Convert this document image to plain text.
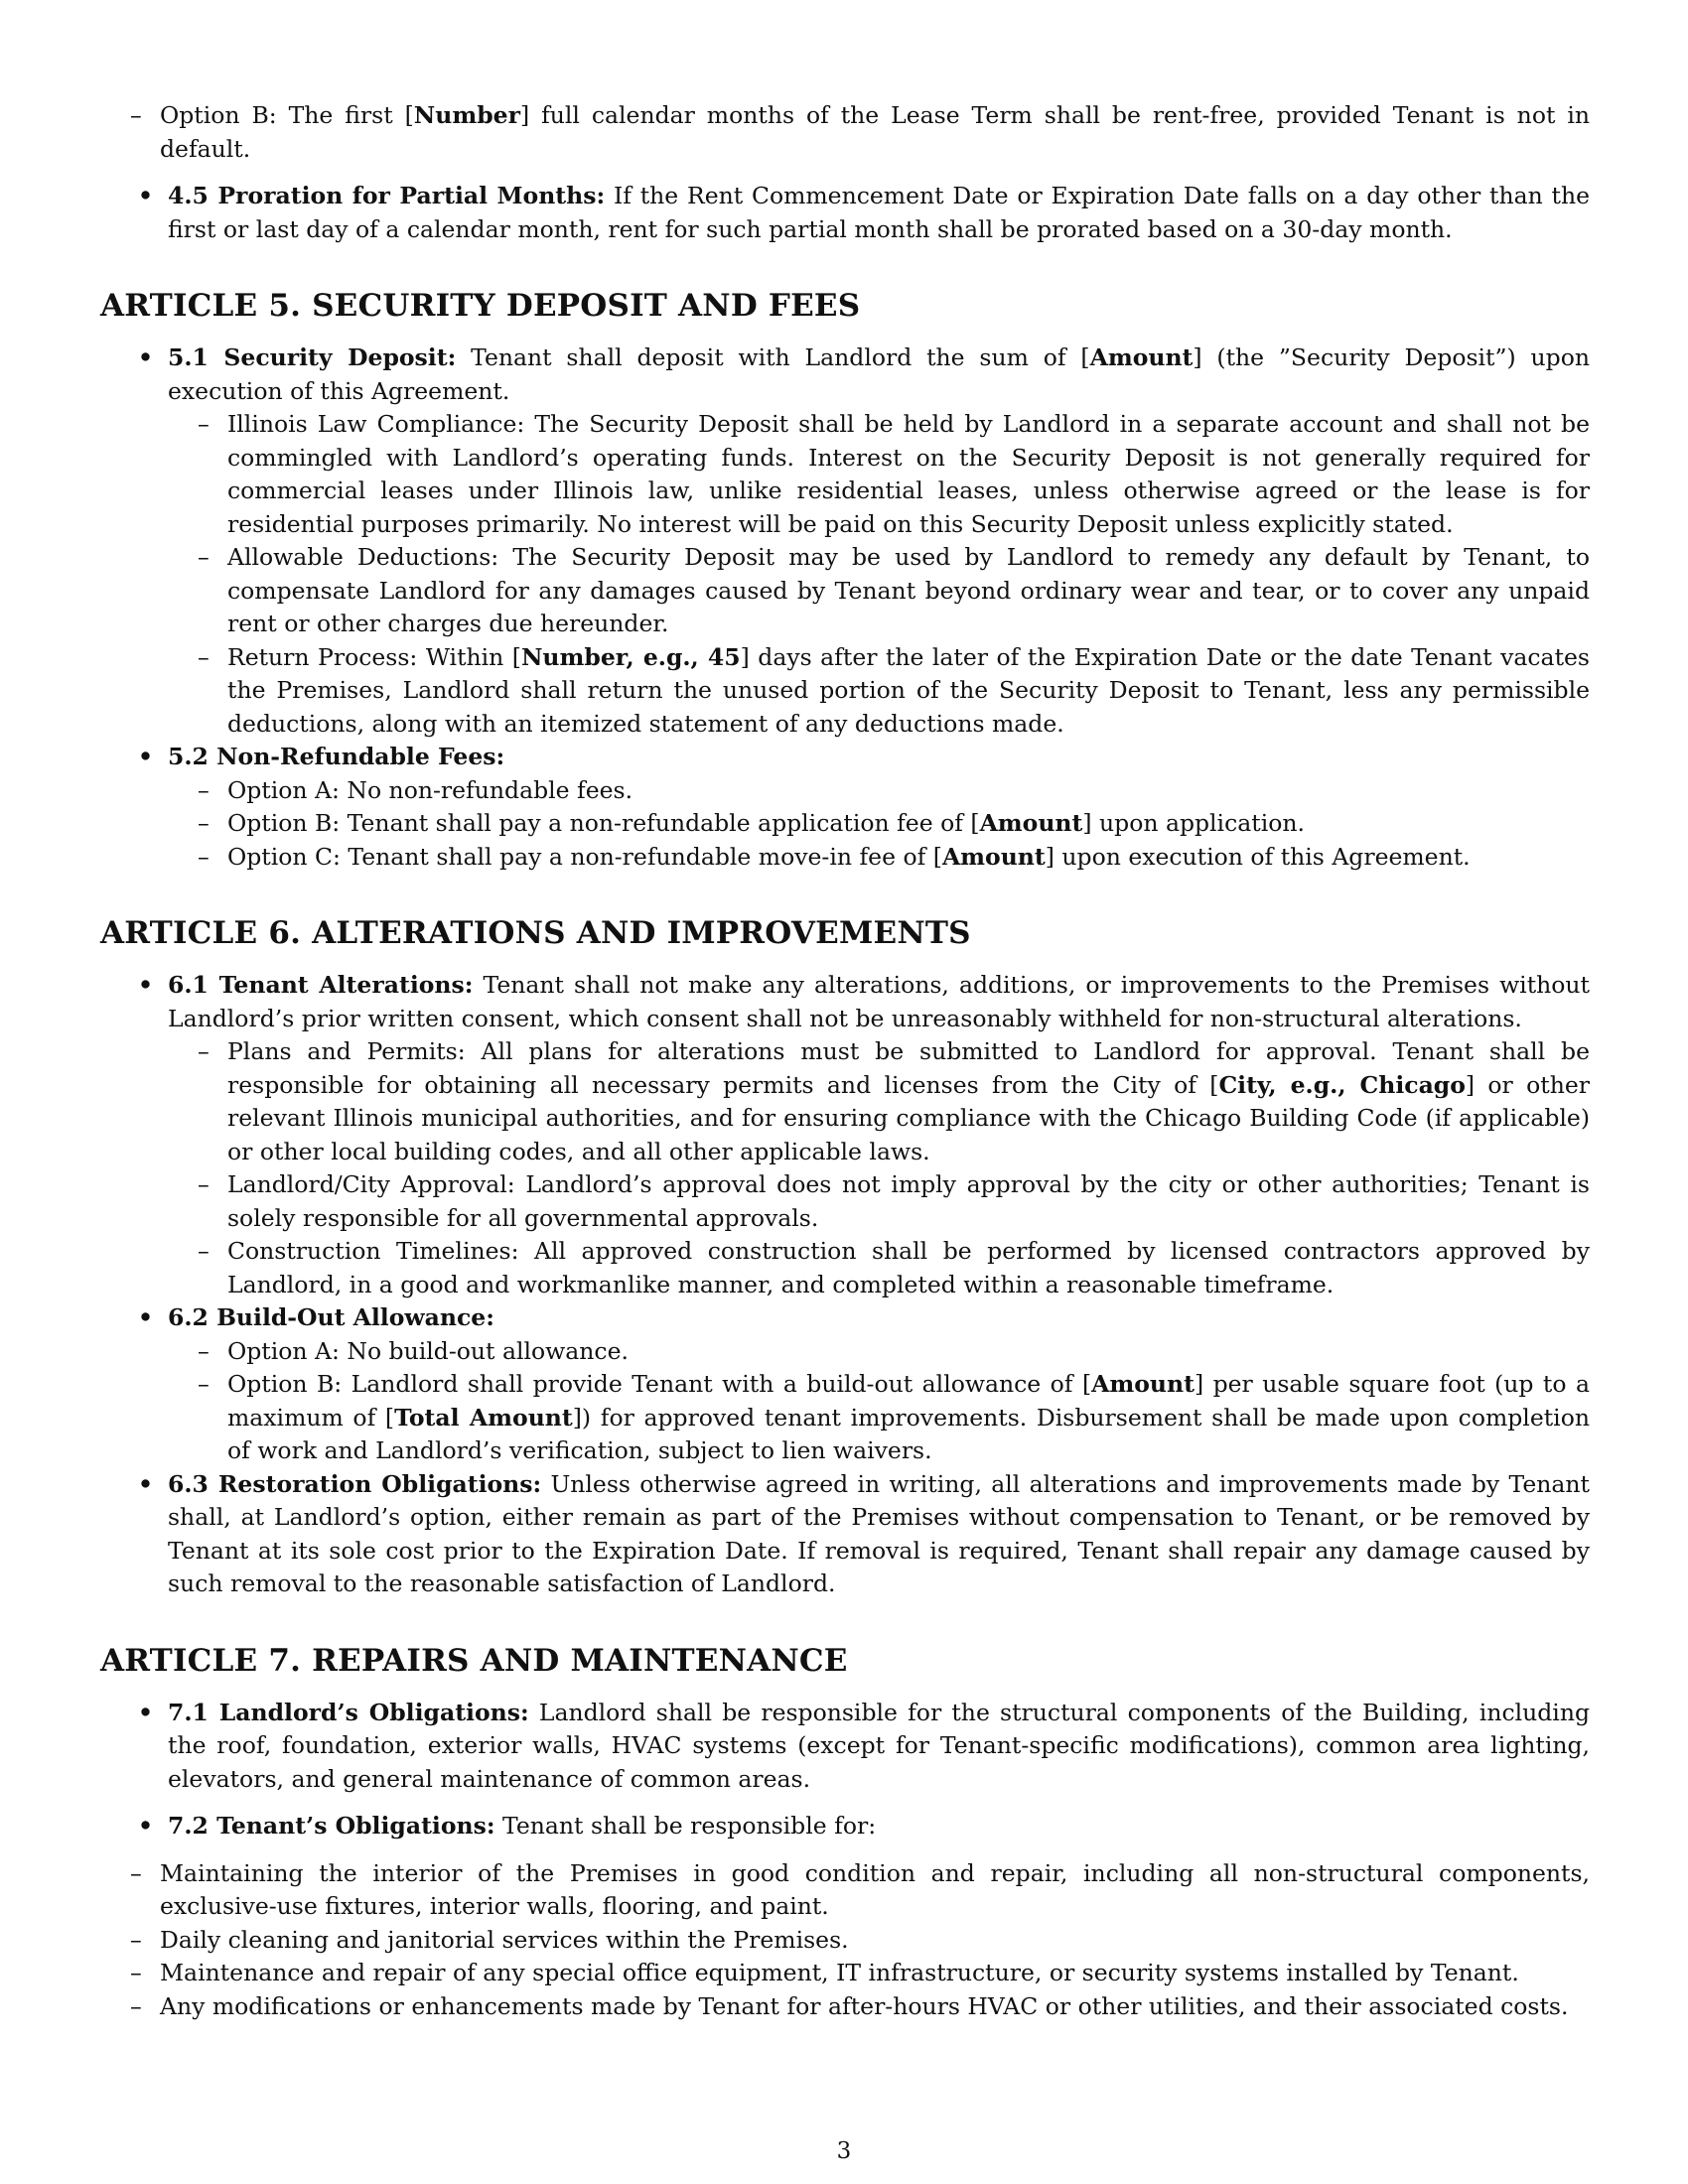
– Option B: The first [Number] full calendar months of the Lease Term shall be rent-free, provided Tenant is not in default.
• 4.5 Proration for Partial Months: If the Rent Commencement Date or Expiration Date falls on a day other than the first or last day of a calendar month, rent for such partial month shall be prorated based on a 30-day month.
ARTICLE 5. SECURITY DEPOSIT AND FEES
• 5.1 Security Deposit: Tenant shall deposit with Landlord the sum of [Amount] (the ”Security Deposit”) upon execution of this Agreement.
– Illinois Law Compliance: The Security Deposit shall be held by Landlord in a separate account and shall not be commingled with Landlord’s operating funds. Interest on the Security Deposit is not generally required for commercial leases under Illinois law, unlike residential leases, unless otherwise agreed or the lease is for residential purposes primarily. No interest will be paid on this Security Deposit unless explicitly stated.
– Allowable Deductions: The Security Deposit may be used by Landlord to remedy any default by Tenant, to compensate Landlord for any damages caused by Tenant beyond ordinary wear and tear, or to cover any unpaid rent or other charges due hereunder.
– Return Process: Within [Number, e.g., 45] days after the later of the Expiration Date or the date Tenant vacates the Premises, Landlord shall return the unused portion of the Security Deposit to Tenant, less any permissible deductions, along with an itemized statement of any deductions made.
• 5.2 Non-Refundable Fees:
– Option A: No non-refundable fees.
– Option B: Tenant shall pay a non-refundable application fee of [Amount] upon application.
– Option C: Tenant shall pay a non-refundable move-in fee of [Amount] upon execution of this Agreement.
ARTICLE 6. ALTERATIONS AND IMPROVEMENTS
• 6.1 Tenant Alterations: Tenant shall not make any alterations, additions, or improvements to the Premises without Landlord’s prior written consent, which consent shall not be unreasonably withheld for non-structural alterations.
– Plans and Permits: All plans for alterations must be submitted to Landlord for approval. Tenant shall be responsible for obtaining all necessary permits and licenses from the City of [City, e.g., Chicago] or other relevant Illinois municipal authorities, and for ensuring compliance with the Chicago Building Code (if applicable) or other local building codes, and all other applicable laws.
– Landlord/City Approval: Landlord’s approval does not imply approval by the city or other authorities; Tenant is solely responsible for all governmental approvals.
– Construction Timelines: All approved construction shall be performed by licensed contractors approved by Landlord, in a good and workmanlike manner, and completed within a reasonable timeframe.
• 6.2 Build-Out Allowance:
– Option A: No build-out allowance.
– Option B: Landlord shall provide Tenant with a build-out allowance of [Amount] per usable square foot (up to a maximum of [Total Amount]) for approved tenant improvements. Disbursement shall be made upon completion of work and Landlord’s verification, subject to lien waivers.
• 6.3 Restoration Obligations: Unless otherwise agreed in writing, all alterations and improvements made by Tenant shall, at Landlord’s option, either remain as part of the Premises without compensation to Tenant, or be removed by Tenant at its sole cost prior to the Expiration Date. If removal is required, Tenant shall repair any damage caused by such removal to the reasonable satisfaction of Landlord.
ARTICLE 7. REPAIRS AND MAINTENANCE
• 7.1 Landlord’s Obligations: Landlord shall be responsible for the structural components of the Building, including the roof, foundation, exterior walls, HVAC systems (except for Tenant-specific modifications), common area lighting, elevators, and general maintenance of common areas.
• 7.2 Tenant’s Obligations: Tenant shall be responsible for:
– Maintaining the interior of the Premises in good condition and repair, including all non-structural components, exclusive-use fixtures, interior walls, flooring, and paint.
– Daily cleaning and janitorial services within the Premises.
– Maintenance and repair of any special office equipment, IT infrastructure, or security systems installed by Tenant.
– Any modifications or enhancements made by Tenant for after-hours HVAC or other utilities, and their associated costs.
3
